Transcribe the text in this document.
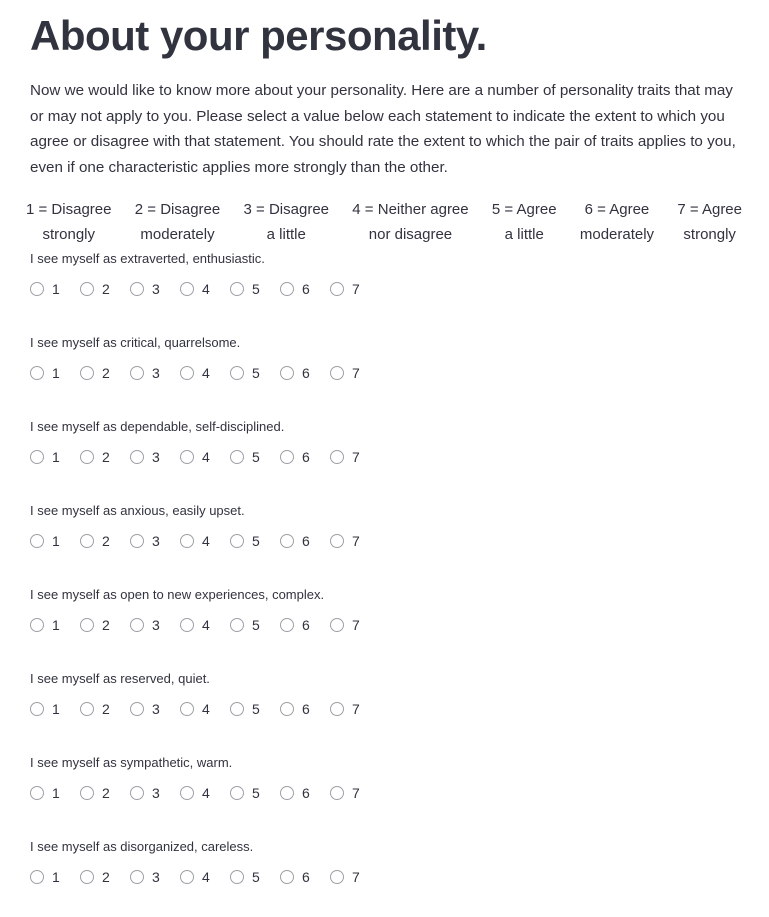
About your personality.

Now we would like to know more about your personality. Here are a number of personality traits that may or may not apply to you. Please select a value below each statement to indicate the extent to which you agree or disagree with that statement. You should rate the extent to which the pair of traits applies to you, even if one characteristic applies more strongly than the other.

1 = Disagree
strongly
2 = Disagree
moderately
3 = Disagree
a little
4 = Neither agree
nor disagree
5 = Agree
a little
6 = Agree
moderately
7 = Agree
strongly

I see myself as extraverted, enthusiastic.

1	2	3	4	5	6	7

I see myself as critical, quarrelsome.

1	2	3	4	5	6	7

I see myself as dependable, self-disciplined.

1	2	3	4	5	6	7

I see myself as anxious, easily upset.

1	2	3	4	5	6	7

I see myself as open to new experiences, complex.

1	2	3	4	5	6	7

I see myself as reserved, quiet.

1	2	3	4	5	6	7

I see myself as sympathetic, warm.

1	2	3	4	5	6	7

I see myself as disorganized, careless.

1	2	3	4	5	6	7
